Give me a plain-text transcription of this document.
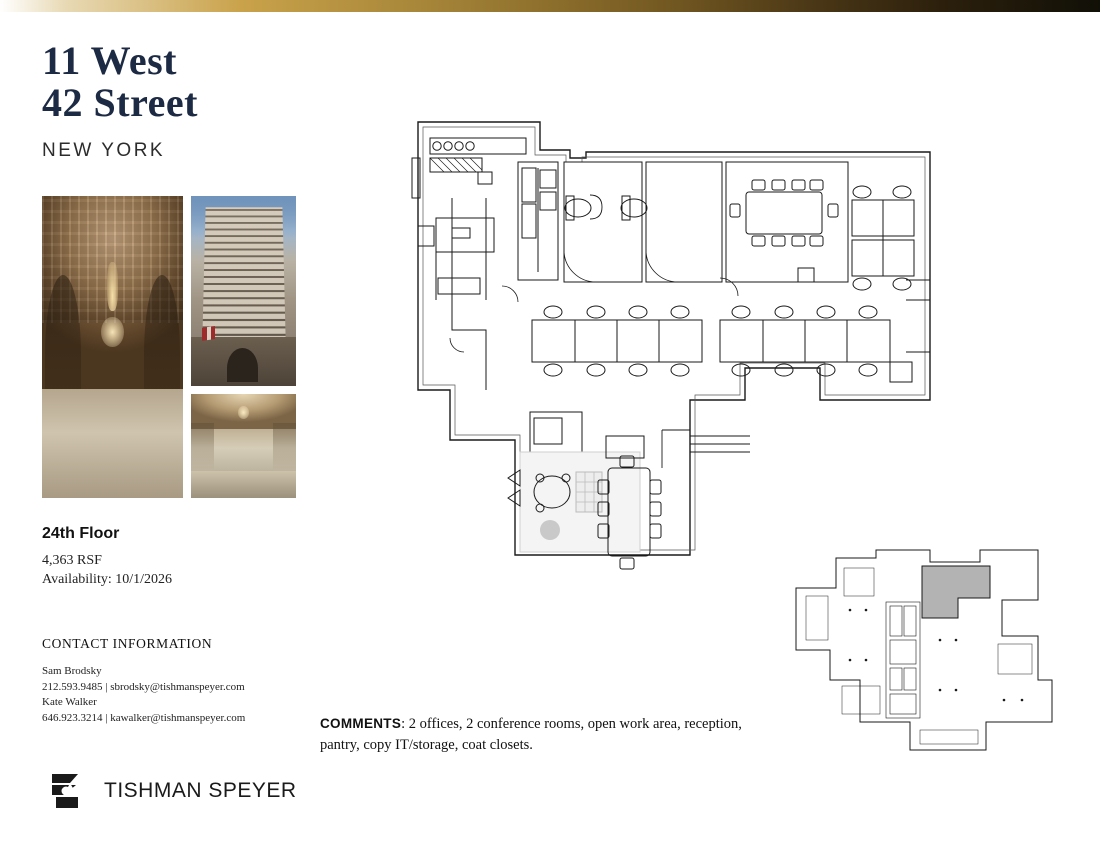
11 West
42 Street
NEW YORK
24th Floor
4,363 RSF
Availability: 10/1/2026
CONTACT INFORMATION
Sam Brodsky
212.593.9485 | sbrodsky@tishmanspeyer.com
Kate Walker
646.923.3214 | kawalker@tishmanspeyer.com
TISHMAN SPEYER
COMMENTS: 2 offices, 2 conference rooms, open work area, reception, pantry, copy IT/storage, coat closets.
